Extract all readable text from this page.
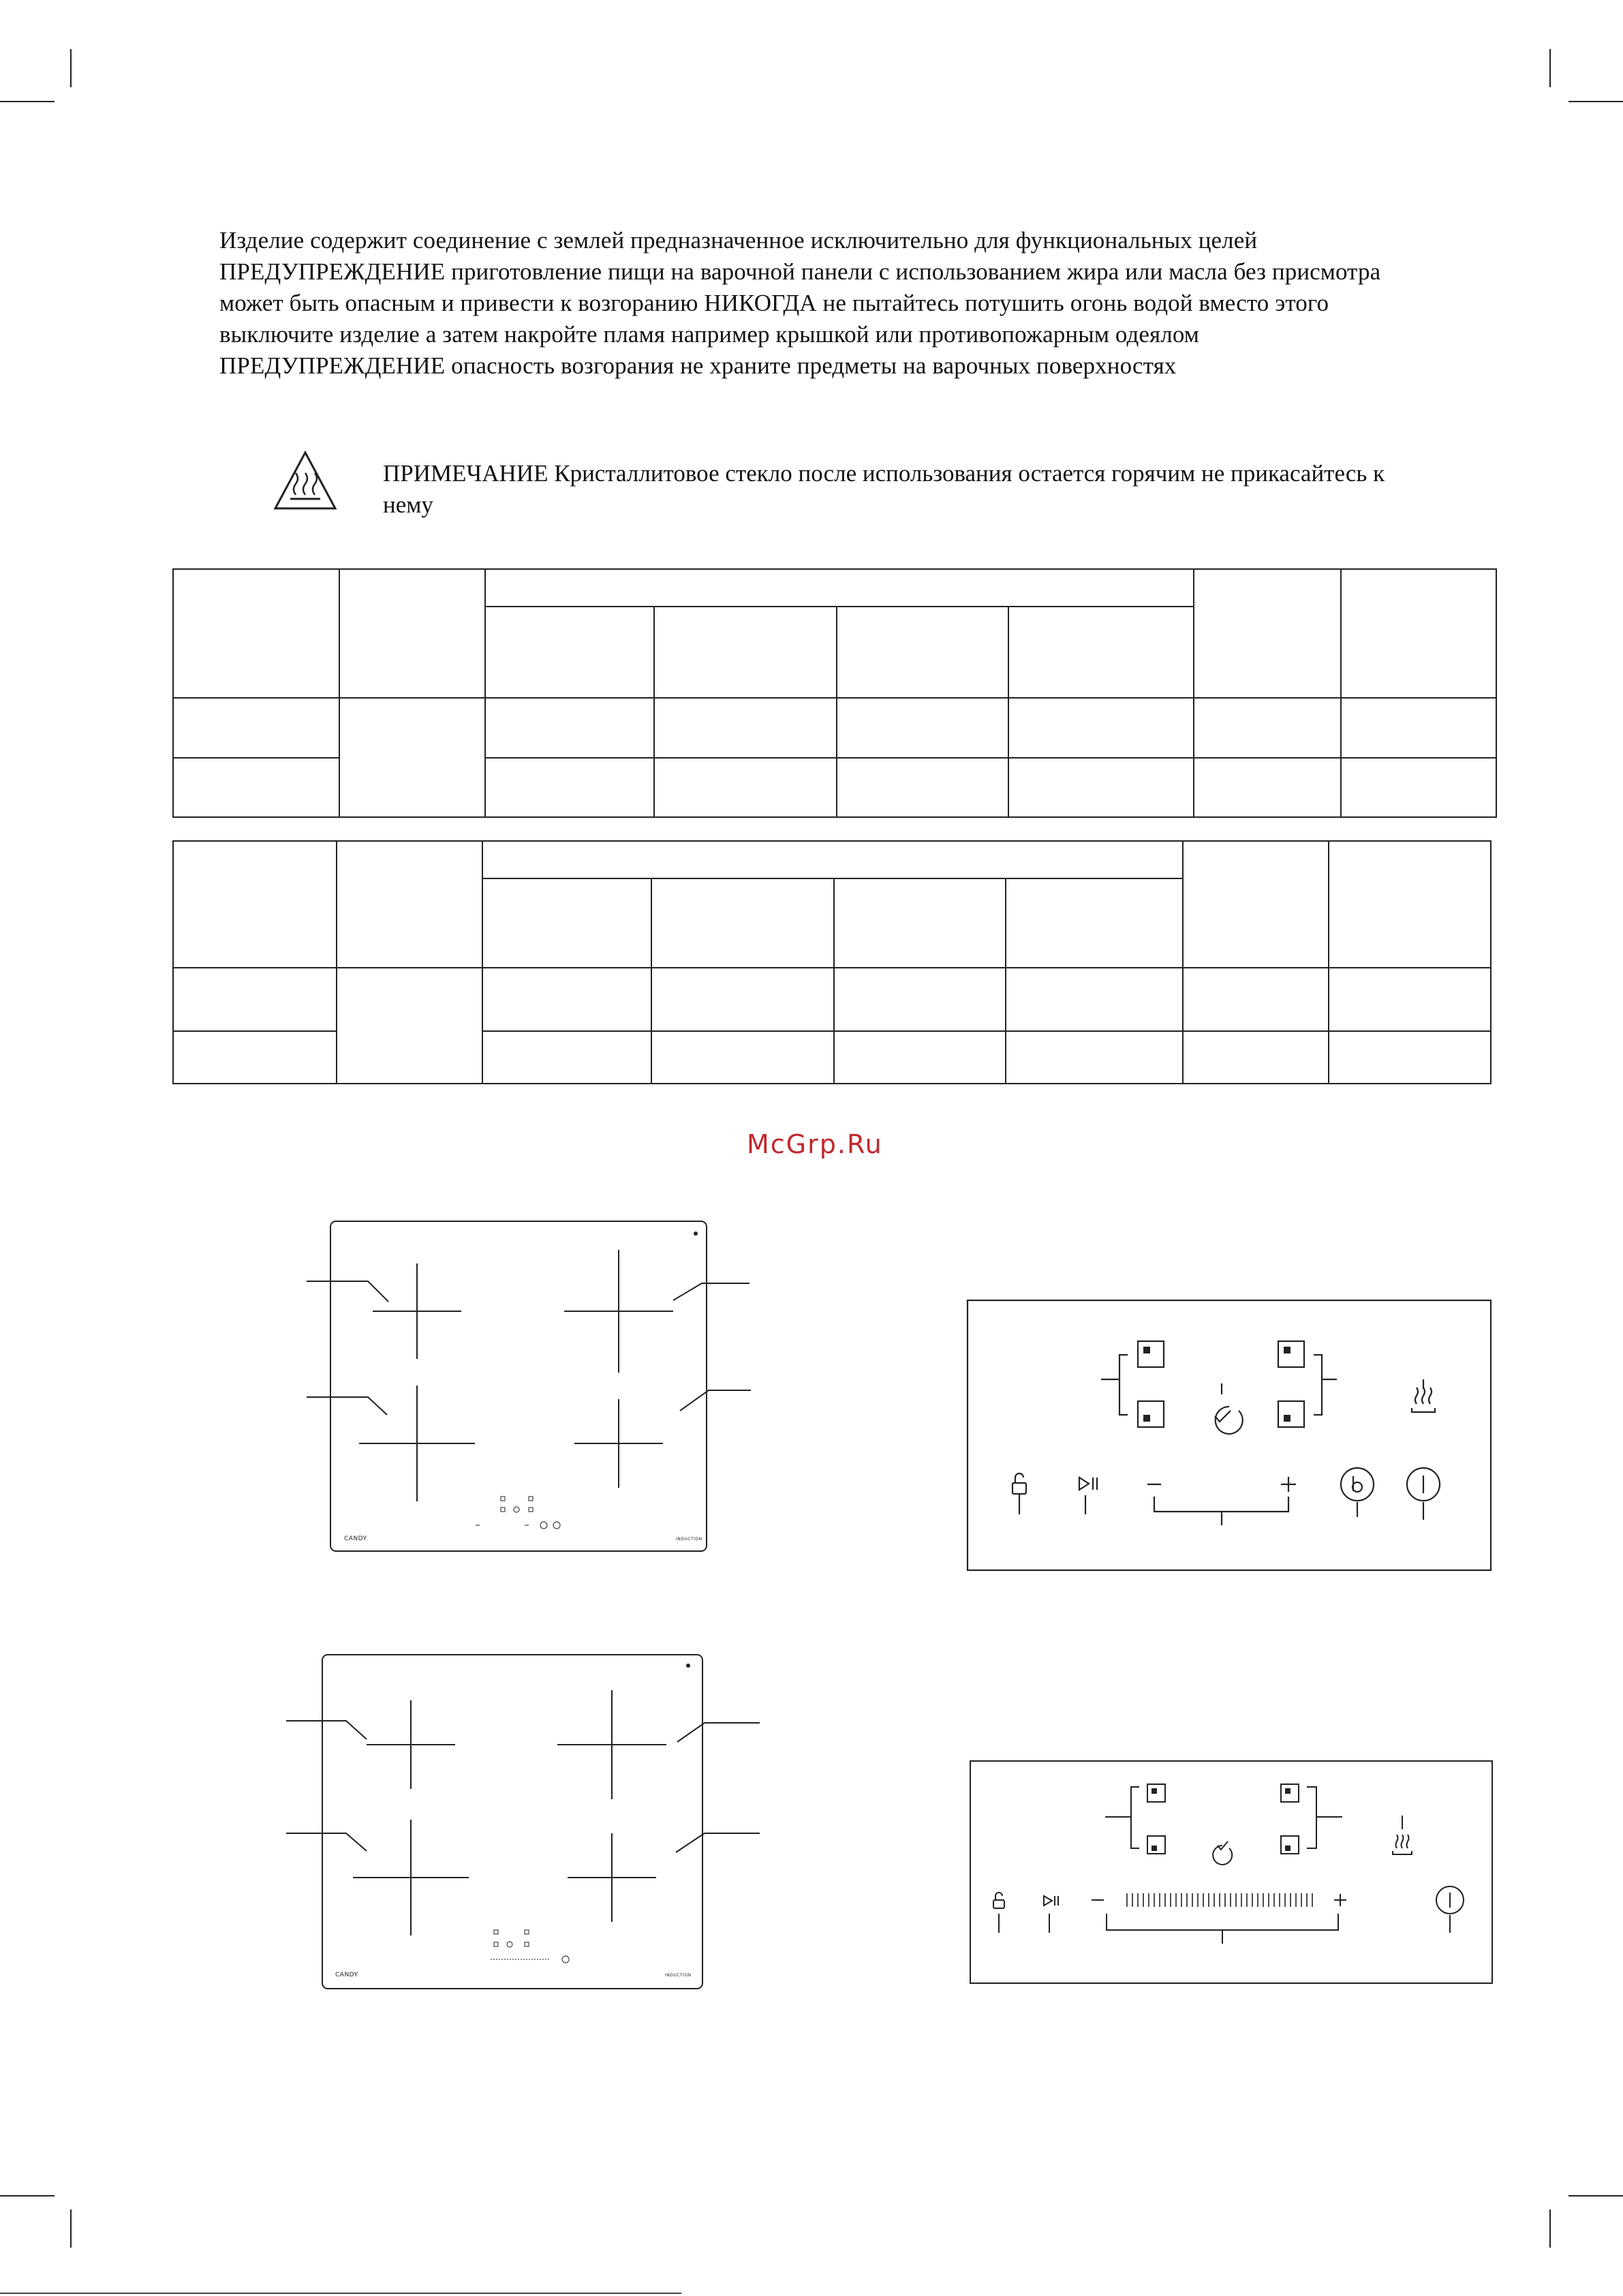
Изделие содержит соединение с землей предназначенное исключительно для функциональных целей

ПРЕДУПРЕЖДЕНИЕ приготовление пищи на варочной панели с использованием жира или масла без присмотра может быть опасным и привести к возгоранию НИКОГДА не пытайтесь потушить огонь водой вместо этого выключите изделие а затем накройте пламя например крышкой или противопожарным одеялом

ПРЕДУПРЕЖДЕНИЕ опасность возгорания не храните предметы на варочных поверхностях

ПРИМЕЧАНИЕ Кристаллитовое стекло после использования остается горячим не прикасайтесь к нему

McGrp.Ru
CANDY	INDUCTION
CANDY	INDUCTION
